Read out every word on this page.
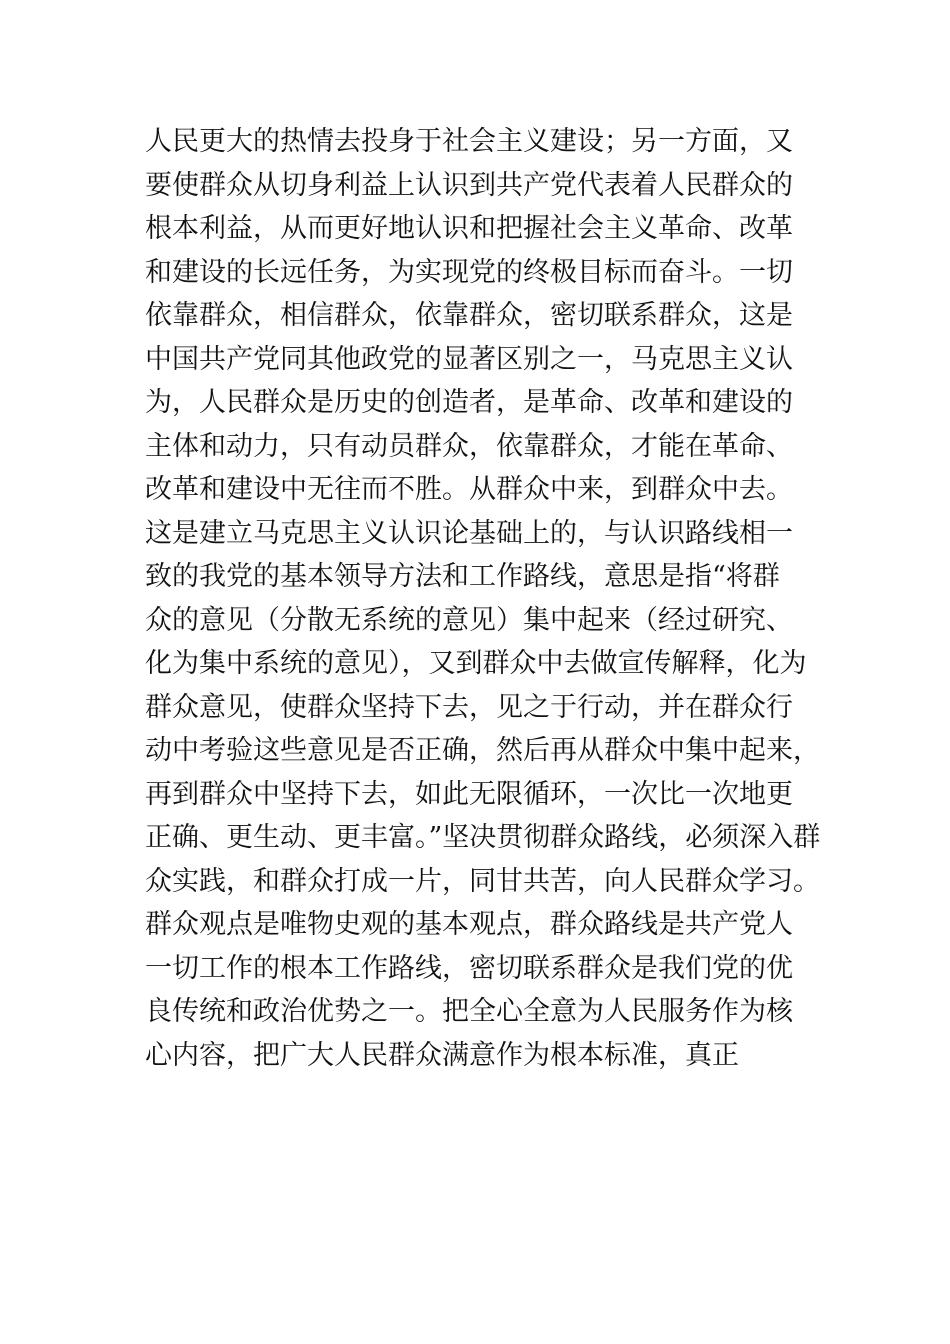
人民更大的热情去投身于社会主义建设；另一方面，又
要使群众从切身利益上认识到共产党代表着人民群众的
根本利益，从而更好地认识和把握社会主义革命、改革
和建设的长远任务，为实现党的终极目标而奋斗。一切
依靠群众，相信群众，依靠群众，密切联系群众，这是
中国共产党同其他政党的显著区别之一，马克思主义认
为，人民群众是历史的创造者，是革命、改革和建设的
主体和动力，只有动员群众，依靠群众，才能在革命、
改革和建设中无往而不胜。从群众中来，到群众中去。
这是建立马克思主义认识论基础上的，与认识路线相一
致的我党的基本领导方法和工作路线，意思是指“将群
众的意见（分散无系统的意见）集中起来（经过研究、
化为集中系统的意见），又到群众中去做宣传解释，化为
群众意见，使群众坚持下去，见之于行动，并在群众行
动中考验这些意见是否正确，然后再从群众中集中起来，
再到群众中坚持下去，如此无限循环，一次比一次地更
正确、更生动、更丰富。”坚决贯彻群众路线，必须深入群
众实践，和群众打成一片，同甘共苦，向人民群众学习。
群众观点是唯物史观的基本观点，群众路线是共产党人
一切工作的根本工作路线，密切联系群众是我们党的优
良传统和政治优势之一。把全心全意为人民服务作为核
心内容，把广大人民群众满意作为根本标准，真正
